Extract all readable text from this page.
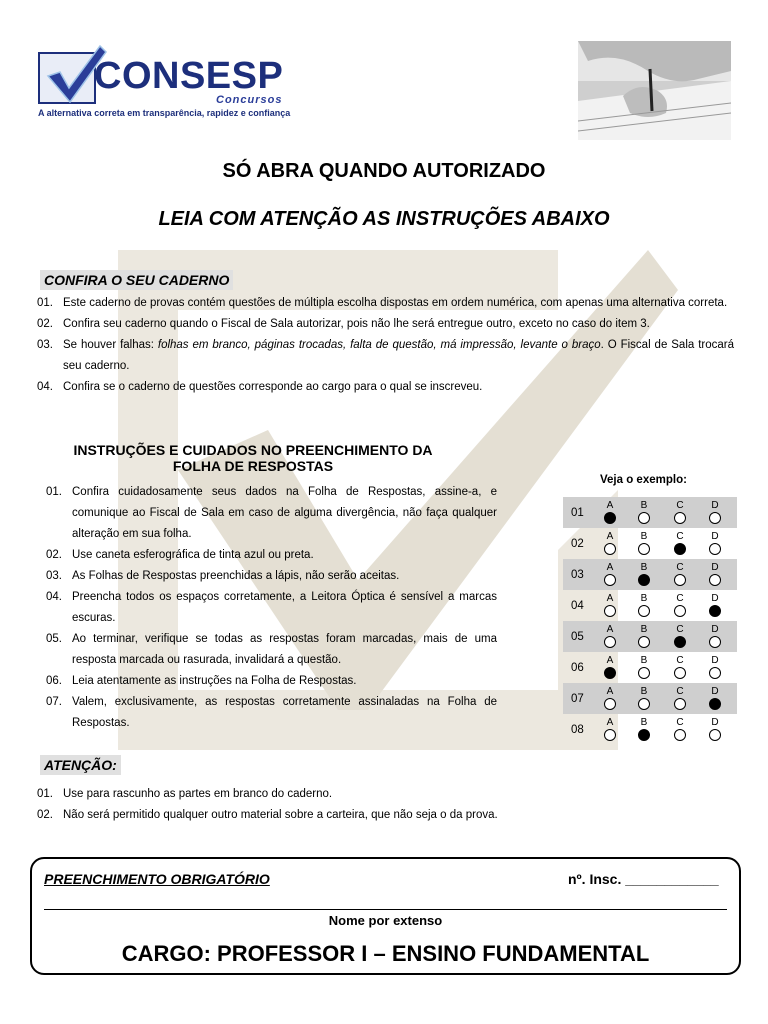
CONSESP
Concursos
A alternativa correta em transparência, rapidez e confiança
SÓ ABRA QUANDO AUTORIZADO
LEIA COM ATENÇÃO AS INSTRUÇÕES ABAIXO
CONFIRA O SEU CADERNO
01. Este caderno de provas contém questões de múltipla escolha dispostas em ordem numérica, com apenas uma alternativa correta.
02. Confira seu caderno quando o Fiscal de Sala autorizar, pois não lhe será entregue outro, exceto no caso do item 3.
03. Se houver falhas: folhas em branco, páginas trocadas, falta de questão, má impressão, levante o braço. O Fiscal de Sala trocará seu caderno.
04. Confira se o caderno de questões corresponde ao cargo para o qual se inscreveu.
INSTRUÇÕES E CUIDADOS NO PREENCHIMENTO DA
FOLHA DE RESPOSTAS
01. Confira cuidadosamente seus dados na Folha de Respostas, assine-a, e comunique ao Fiscal de Sala em caso de alguma divergência, não faça qualquer alteração em sua folha.
02. Use caneta esferográfica de tinta azul ou preta.
03. As Folhas de Respostas preenchidas a lápis, não serão aceitas.
04. Preencha todos os espaços corretamente, a Leitora Óptica é sensível a marcas escuras.
05. Ao terminar, verifique se todas as respostas foram marcadas, mais de uma resposta marcada ou rasurada, invalidará a questão.
06. Leia atentamente as instruções na Folha de Respostas.
07. Valem, exclusivamente, as respostas corretamente assinaladas na Folha de Respostas.
Veja o exemplo:
01
A	B	C	D
02
A	B	C	D
03
A	B	C	D
04
A	B	C	D
05
A	B	C	D
06
A	B	C	D
07
A	B	C	D
08
A	B	C	D
ATENÇÃO:
01. Use para rascunho as partes em branco do caderno.
02. Não será permitido qualquer outro material sobre a carteira, que não seja o da prova.
PREENCHIMENTO OBRIGATÓRIO	nº. Insc. ____________
Nome por extenso
CARGO: PROFESSOR I – ENSINO FUNDAMENTAL
